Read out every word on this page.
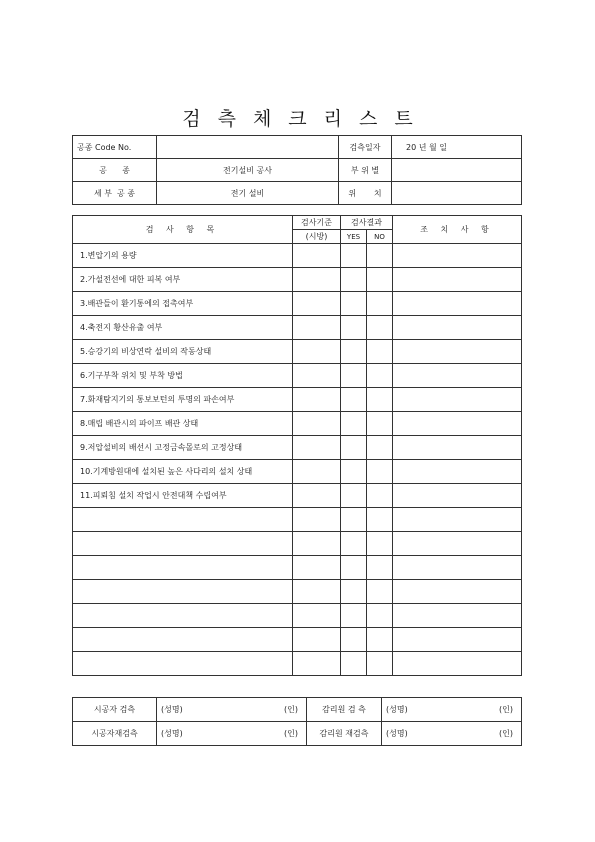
검측체크리스트
공종 Code No.		검측일자	20 년 월 일
공      종	전기설비 공사	부 위 별	
세 부  공 종	전기 설비	위       치	
검 사 항 목	검사기준	검사결과		조 치 사 항
	(시방)	YES	NO	
1.변압기의 용량				
2.가설전선에 대한 피복 여부				
3.배관들이 환기통에의 접촉여부				
4.축전지 황산유출 여부				
5.승강기의 비상연락 설비의 작동상태				
6.기구부착 위치 및 부착 방법				
7.화재탐지기의 통보보턴의 투명의 파손여부				
8.매립 배관시의 파이프 배관 상태				
9.저압설비의 배선시 고정금속몰로의 고정상태				
10.기계방원대에 설치된 높은 사다리의 설치 상태				
11.피뢰침 설치 작업시 안전대책 수립여부				

시공자 검측	(성명) (인)	감리원 검 측	(성명) (인)

시공자재검측	(성명) (인)	감리원 재검측	(성명) (인)
